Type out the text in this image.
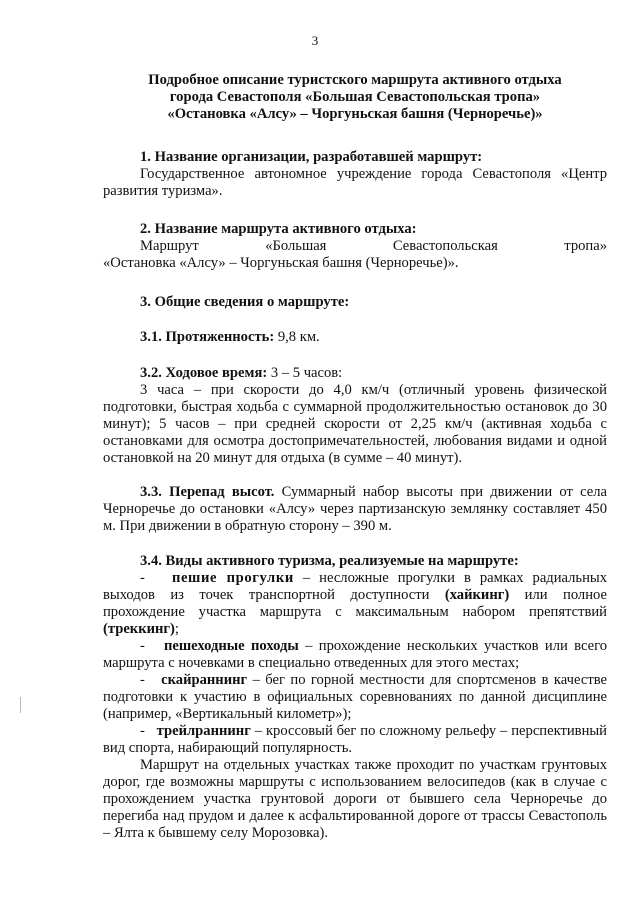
3
Подробное описание туристского маршрута активного отдыха
города Севастополя «Большая Севастопольская тропа»
«Остановка «Алсу» – Чоргуньская башня (Черноречье)»
1. Название организации, разработавшей маршрут:
Государственное автономное учреждение города Севастополя «Центр развития туризма».
2. Название маршрута активного отдыха:
Маршрут «Большая Севастопольская тропа»
«Остановка «Алсу» – Чоргуньская башня (Черноречье)».
3. Общие сведения о маршруте:
3.1. Протяженность: 9,8 км.
3.2. Ходовое время: 3 – 5 часов:
3 часа – при скорости до 4,0 км/ч (отличный уровень физической подготовки, быстрая ходьба с суммарной продолжительностью остановок до 30 минут); 5 часов – при средней скорости от 2,25 км/ч (активная ходьба с остановками для осмотра достопримечательностей, любования видами и одной остановкой на 20 минут для отдыха (в сумме – 40 минут).
3.3. Перепад высот. Суммарный набор высоты при движении от села Черноречье до остановки «Алсу» через партизанскую землянку составляет 450 м. При движении в обратную сторону – 390 м.
3.4. Виды активного туризма, реализуемые на маршруте:
- пешие прогулки – несложные прогулки в рамках радиальных выходов из точек транспортной доступности (хайкинг) или полное прохождение участка маршрута с максимальным набором препятствий (треккинг);
- пешеходные походы – прохождение нескольких участков или всего маршрута с ночевками в специально отведенных для этого местах;
- скайраннинг – бег по горной местности для спортсменов в качестве подготовки к участию в официальных соревнованиях по данной дисциплине (например, «Вертикальный километр»);
- трейлраннинг – кроссовый бег по сложному рельефу – перспективный вид спорта, набирающий популярность.
Маршрут на отдельных участках также проходит по участкам грунтовых дорог, где возможны маршруты с использованием велосипедов (как в случае с прохождением участка грунтовой дороги от бывшего села Черноречье до перегиба над прудом и далее к асфальтированной дороге от трассы Севастополь – Ялта к бывшему селу Морозовка).
